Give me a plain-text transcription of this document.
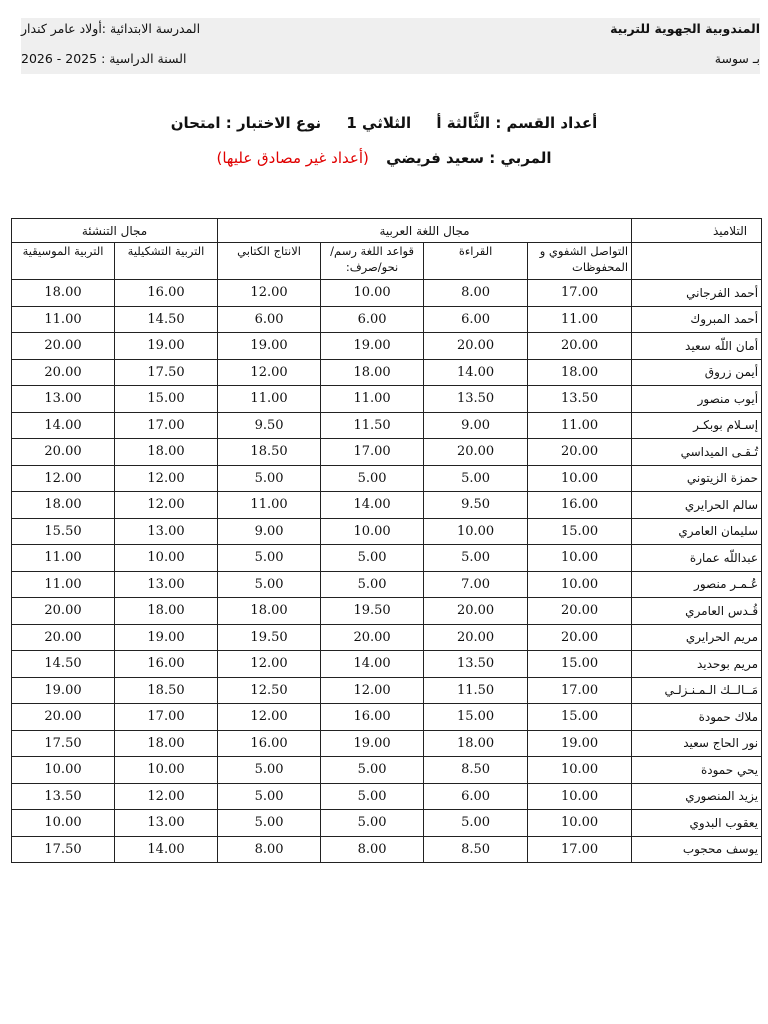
المندوبية الجهوية للتربية
بـ سوسة
المدرسة الابتدائية :أولاد عامر كندار
السنة الدراسية : 2025 - 2026
أعداد القسم : الثَّالثة أ الثلاثي 1 نوع الاختبار : امتحان
المربي : سعيد فريضي (أعداد غير مصادق عليها)
التلاميذ	مجال اللغة العربية				مجال التنشئة	
	التواصل الشفوي و المحفوظات	القراءة	قواعد اللغة رسم/نحو/صرف:	الانتاج الكتابي	التربية التشكيلية	التربية الموسيقية
أحمد الفرجاني	17.00	8.00	10.00	12.00	16.00	18.00
أحمد المبروك	11.00	6.00	6.00	6.00	14.50	11.00
أمان اللّه سعيد	20.00	20.00	19.00	19.00	19.00	20.00
أيمن زروق	18.00	14.00	18.00	12.00	17.50	20.00
أيوب منصور	13.50	13.50	11.00	11.00	15.00	13.00
إسـلام بوبكـر	11.00	9.00	11.50	9.50	17.00	14.00
تُـقـى الميداسي	20.00	20.00	17.00	18.50	18.00	20.00
حمزة الزيتوني	10.00	5.00	5.00	5.00	12.00	12.00
سالم الحرايري	16.00	9.50	14.00	11.00	12.00	18.00
سليمان العامري	15.00	10.00	10.00	9.00	13.00	15.50
عبداللّه عمارة	10.00	5.00	5.00	5.00	10.00	11.00
عُـمـر منصور	10.00	7.00	5.00	5.00	13.00	11.00
قُـدس العامري	20.00	20.00	19.50	18.00	18.00	20.00
مريم الحرايري	20.00	20.00	20.00	19.50	19.00	20.00
مريم بوحديد	15.00	13.50	14.00	12.00	16.00	14.50
مَــالــك الـمـنـزلـي	17.00	11.50	12.00	12.50	18.50	19.00
ملاك حمودة	15.00	15.00	16.00	12.00	17.00	20.00
نور الحاج سعيد	19.00	18.00	19.00	16.00	18.00	17.50
يحي حمودة	10.00	8.50	5.00	5.00	10.00	10.00
يزيد المنصوري	10.00	6.00	5.00	5.00	12.00	13.50
يعقوب البدوي	10.00	5.00	5.00	5.00	13.00	10.00
يوسف محجوب	17.00	8.50	8.00	8.00	14.00	17.50
